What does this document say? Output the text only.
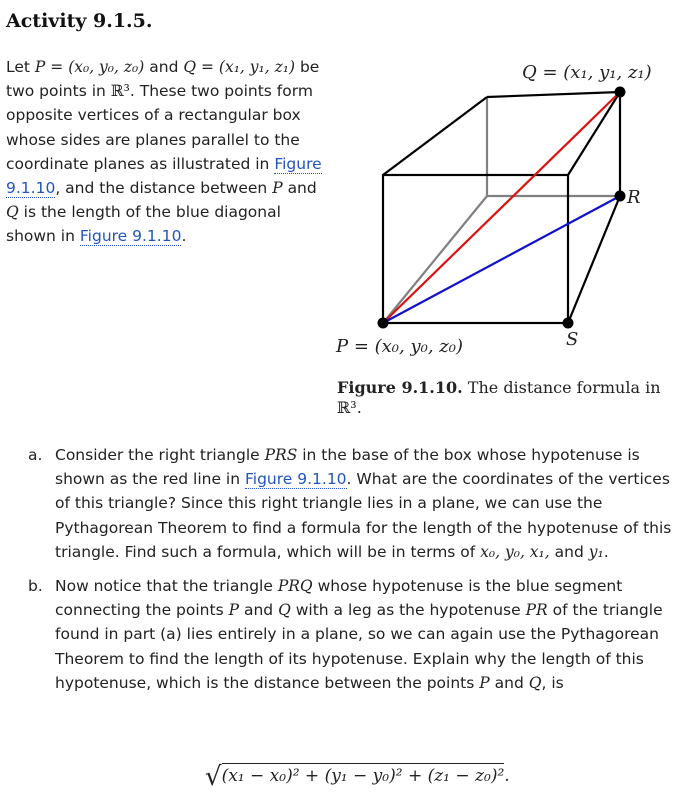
Activity 9.1.5.
Let P = (x₀, y₀, z₀) and Q = (x₁, y₁, z₁) be two points in ℝ³. These two points form opposite vertices of a rectangular box whose sides are planes parallel to the coordinate planes as illustrated in Figure 9.1.10, and the distance between P and Q is the length of the blue diagonal shown in Figure 9.1.10.
Q = (x₁, y₁, z₁)
R
P = (x₀, y₀, z₀)	S
Figure 9.1.10. The distance formula in ℝ³.
a. Consider the right triangle PRS in the base of the box whose hypotenuse is shown as the red line in Figure 9.1.10. What are the coordinates of the vertices of this triangle? Since this right triangle lies in a plane, we can use the Pythagorean Theorem to find a formula for the length of the hypotenuse of this triangle. Find such a formula, which will be in terms of x₀, y₀, x₁, and y₁.
b. Now notice that the triangle PRQ whose hypotenuse is the blue segment connecting the points P and Q with a leg as the hypotenuse PR of the triangle found in part (a) lies entirely in a plane, so we can again use the Pythagorean Theorem to find the length of its hypotenuse. Explain why the length of this hypotenuse, which is the distance between the points P and Q, is
√(x₁ − x₀)² + (y₁ − y₀)² + (z₁ − z₀)².
